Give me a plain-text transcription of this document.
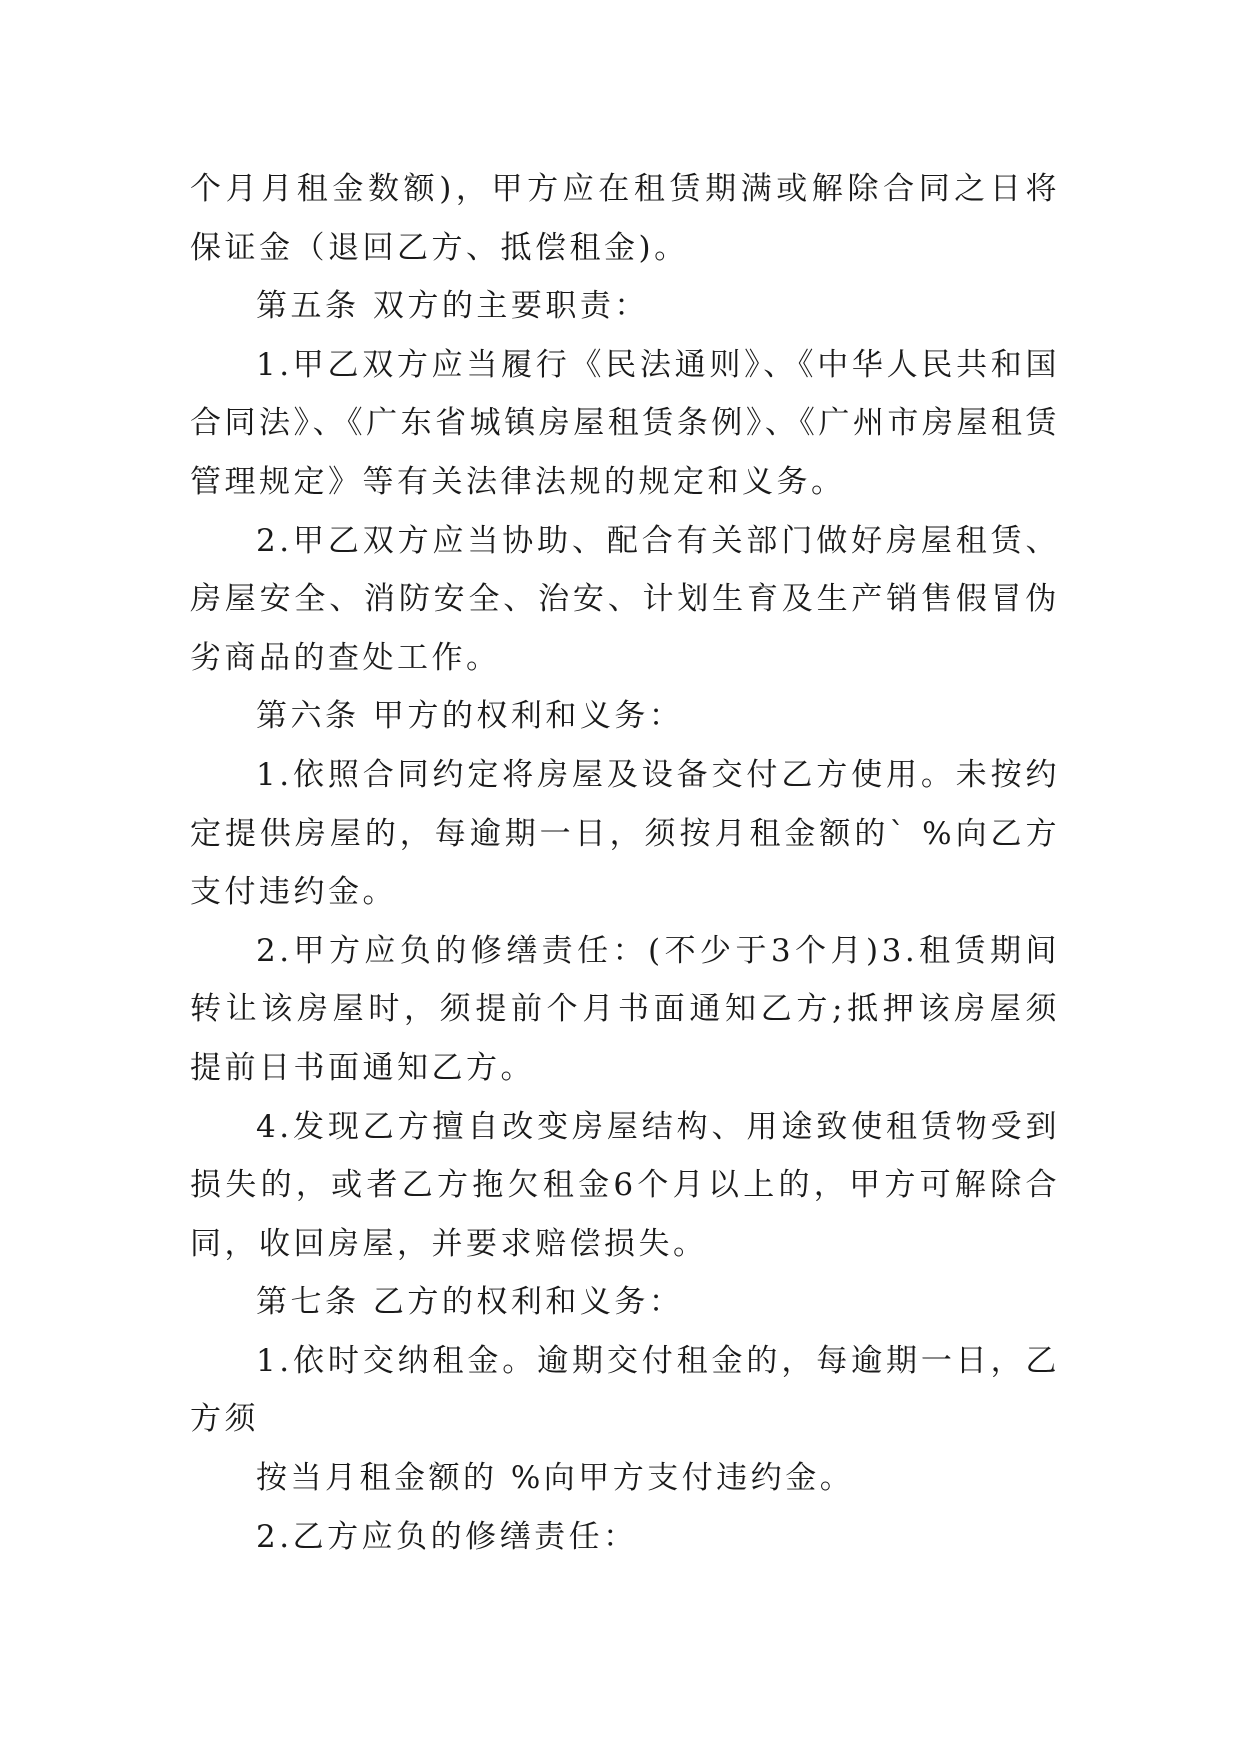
个月月租金数额)，甲方应在租赁期满或解除合同之日将保证金（退回乙方、抵偿租金)。

第五条 双方的主要职责：

1.甲乙双方应当履行《民法通则》、《中华人民共和国合同法》、《广东省城镇房屋租赁条例》、《广州市房屋租赁管理规定》等有关法律法规的规定和义务。

2.甲乙双方应当协助、配合有关部门做好房屋租赁、房屋安全、消防安全、治安、计划生育及生产销售假冒伪劣商品的查处工作。

第六条 甲方的权利和义务：

1.依照合同约定将房屋及设备交付乙方使用。未按约定提供房屋的，每逾期一日，须按月租金额的` %向乙方支付违约金。

2.甲方应负的修缮责任：(不少于3个月)3.租赁期间转让该房屋时，须提前个月书面通知乙方;抵押该房屋须提前日书面通知乙方。

4.发现乙方擅自改变房屋结构、用途致使租赁物受到损失的，或者乙方拖欠租金6个月以上的，甲方可解除合同，收回房屋，并要求赔偿损失。

第七条 乙方的权利和义务：

1.依时交纳租金。逾期交付租金的，每逾期一日，乙方须

按当月租金额的 %向甲方支付违约金。

2.乙方应负的修缮责任：
